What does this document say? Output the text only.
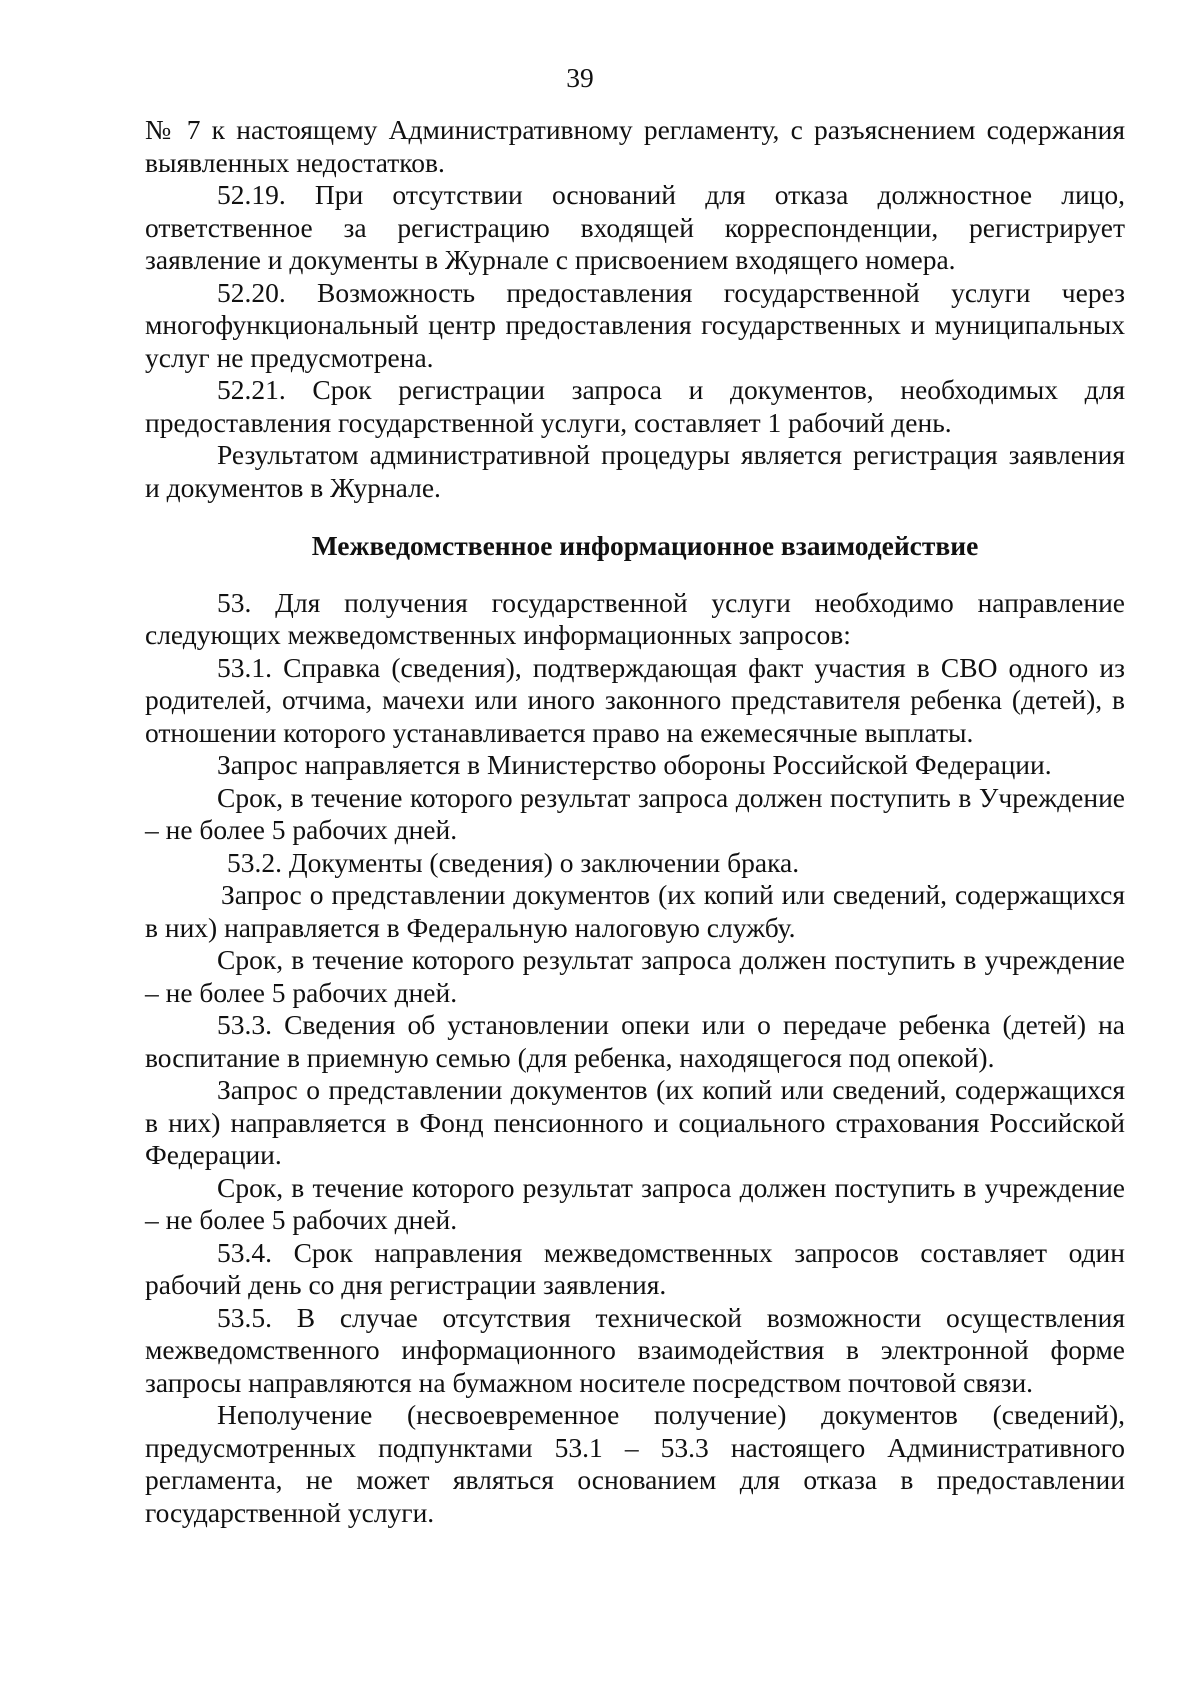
39

№ 7 к настоящему Административному регламенту, с разъяснением содержания выявленных недостатков.

52.19. При отсутствии оснований для отказа должностное лицо, ответственное за регистрацию входящей корреспонденции, регистрирует заявление и документы в Журнале с присвоением входящего номера.

52.20. Возможность предоставления государственной услуги через многофункциональный центр предоставления государственных и муниципальных услуг не предусмотрена.

52.21. Срок регистрации запроса и документов, необходимых для предоставления государственной услуги, составляет 1 рабочий день.

Результатом административной процедуры является регистрация заявления и документов в Журнале.

Межведомственное информационное взаимодействие

53. Для получения государственной услуги необходимо направление следующих межведомственных информационных запросов:

53.1. Справка (сведения), подтверждающая факт участия в СВО одного из родителей, отчима, мачехи или иного законного представителя ребенка (детей), в отношении которого устанавливается право на ежемесячные выплаты.

Запрос направляется в Министерство обороны Российской Федерации.

Срок, в течение которого результат запроса должен поступить в Учреждение – не более 5 рабочих дней.

53.2. Документы (сведения) о заключении брака.

Запрос о представлении документов (их копий или сведений, содержащихся в них) направляется в Федеральную налоговую службу.

Срок, в течение которого результат запроса должен поступить в учреждение – не более 5 рабочих дней.

53.3. Сведения об установлении опеки или о передаче ребенка (детей) на воспитание в приемную семью (для ребенка, находящегося под опекой).

Запрос о представлении документов (их копий или сведений, содержащихся в них) направляется в Фонд пенсионного и социального страхования Российской Федерации.

Срок, в течение которого результат запроса должен поступить в учреждение – не более 5 рабочих дней.

53.4. Срок направления межведомственных запросов составляет один рабочий день со дня регистрации заявления.

53.5. В случае отсутствия технической возможности осуществления межведомственного информационного взаимодействия в электронной форме запросы направляются на бумажном носителе посредством почтовой связи.

Неполучение (несвоевременное получение) документов (сведений), предусмотренных подпунктами 53.1 – 53.3 настоящего Административного регламента, не может являться основанием для отказа в предоставлении государственной услуги.
